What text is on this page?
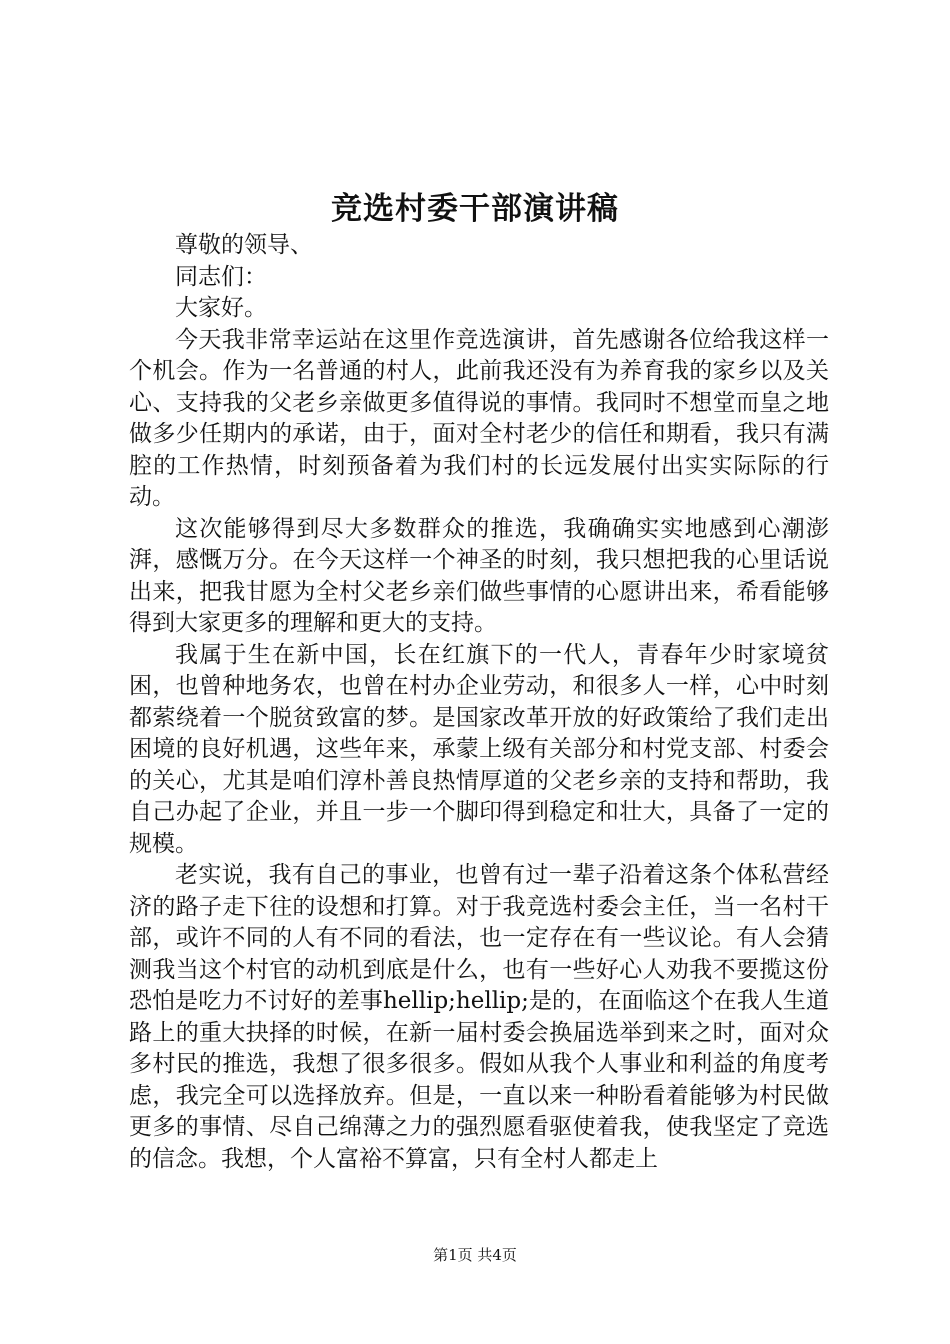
竞选村委干部演讲稿

尊敬的领导、

同志们：

大家好。

今天我非常幸运站在这里作竞选演讲，首先感谢各位给我这样一个机会。作为一名普通的村人，此前我还没有为养育我的家乡以及关心、支持我的父老乡亲做更多值得说的事情。我同时不想堂而皇之地做多少任期内的承诺，由于，面对全村老少的信任和期看，我只有满腔的工作热情，时刻预备着为我们村的长远发展付出实实际际的行动。

这次能够得到尽大多数群众的推选，我确确实实地感到心潮澎湃，感慨万分。在今天这样一个神圣的时刻，我只想把我的心里话说出来，把我甘愿为全村父老乡亲们做些事情的心愿讲出来，希看能够得到大家更多的理解和更大的支持。

我属于生在新中国，长在红旗下的一代人，青春年少时家境贫困，也曾种地务农，也曾在村办企业劳动，和很多人一样，心中时刻都萦绕着一个脱贫致富的梦。是国家改革开放的好政策给了我们走出困境的良好机遇，这些年来，承蒙上级有关部分和村党支部、村委会的关心，尤其是咱们淳朴善良热情厚道的父老乡亲的支持和帮助，我自己办起了企业，并且一步一个脚印得到稳定和壮大，具备了一定的规模。

老实说，我有自己的事业，也曾有过一辈子沿着这条个体私营经济的路子走下往的设想和打算。对于我竞选村委会主任，当一名村干部，或许不同的人有不同的看法，也一定存在有一些议论。有人会猜测我当这个村官的动机到底是什么，也有一些好心人劝我不要揽这份恐怕是吃力不讨好的差事hellip;hellip;是的，在面临这个在我人生道路上的重大抉择的时候，在新一届村委会换届选举到来之时，面对众多村民的推选，我想了很多很多。假如从我个人事业和利益的角度考虑，我完全可以选择放弃。但是，一直以来一种盼看着能够为村民做更多的事情、尽自己绵薄之力的强烈愿看驱使着我，使我坚定了竞选的信念。我想，个人富裕不算富，只有全村人都走上

第1页 共4页
